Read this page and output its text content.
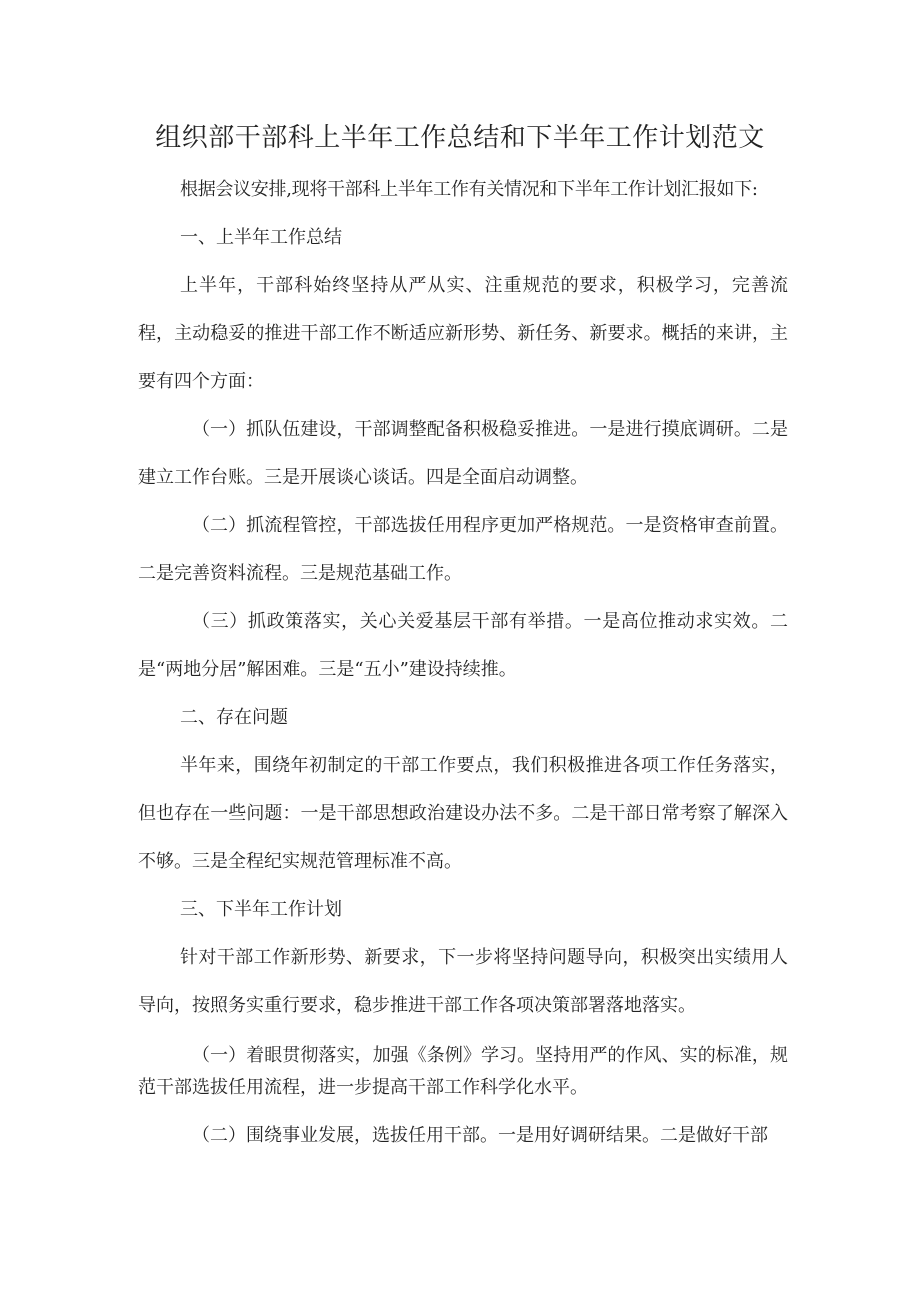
组织部干部科上半年工作总结和下半年工作计划范文

根据会议安排,现将干部科上半年工作有关情况和下半年工作计划汇报如下:

一、上半年工作总结

上半年，干部科始终坚持从严从实、注重规范的要求，积极学习，完善流程，主动稳妥的推进干部工作不断适应新形势、新任务、新要求。概括的来讲，主要有四个方面：

（一）抓队伍建设，干部调整配备积极稳妥推进。一是进行摸底调研。二是建立工作台账。三是开展谈心谈话。四是全面启动调整。

（二）抓流程管控，干部选拔任用程序更加严格规范。一是资格审查前置。二是完善资料流程。三是规范基础工作。

（三）抓政策落实，关心关爱基层干部有举措。一是高位推动求实效。二是“两地分居”解困难。三是“五小”建设持续推。

二、存在问题

半年来，围绕年初制定的干部工作要点，我们积极推进各项工作任务落实，但也存在一些问题：一是干部思想政治建设办法不多。二是干部日常考察了解深入不够。三是全程纪实规范管理标准不高。

三、下半年工作计划

针对干部工作新形势、新要求，下一步将坚持问题导向，积极突出实绩用人导向，按照务实重行要求，稳步推进干部工作各项决策部署落地落实。

（一）着眼贯彻落实，加强《条例》学习。坚持用严的作风、实的标准，规范干部选拔任用流程，进一步提高干部工作科学化水平。

（二）围绕事业发展，选拔任用干部。一是用好调研结果。二是做好干部
